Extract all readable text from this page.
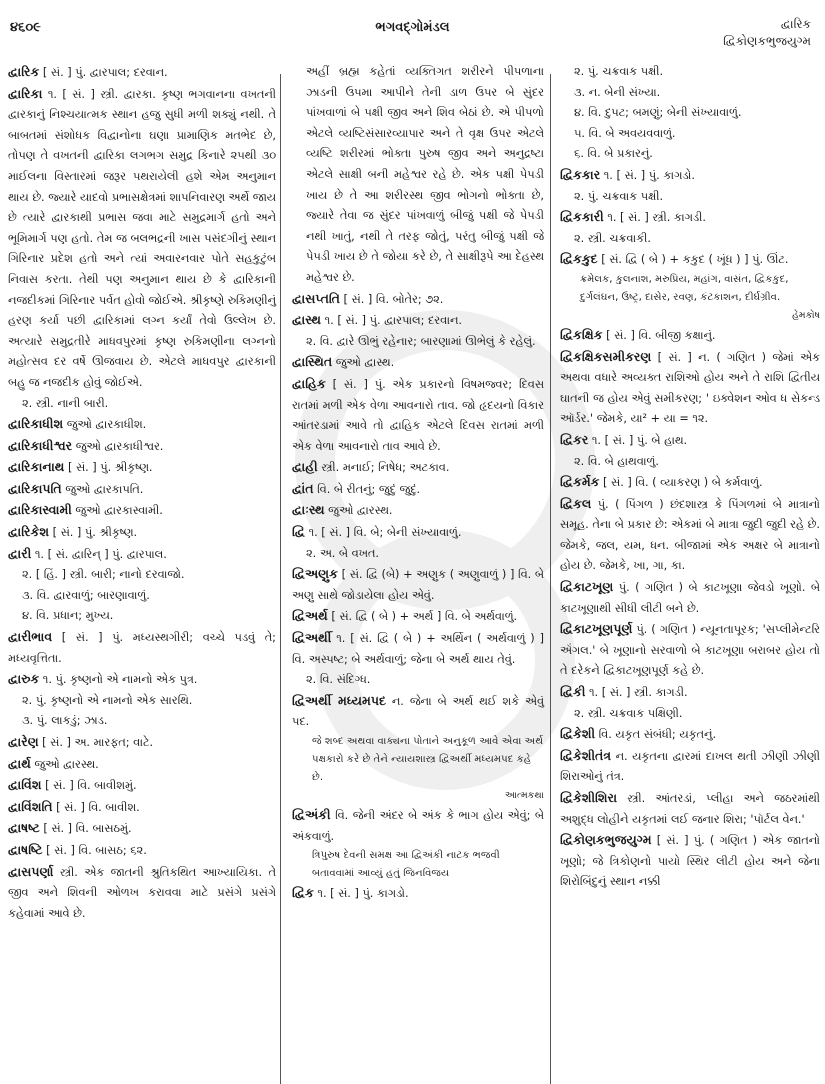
૪૬૦૯	ભગવદ્ગોમંડલ	દ્વારિક
દ્વિકોણકભુજયુગ્મ

દ્વારિક [ સં. ] પું. દ્વારપાલ; દરવાન.

દ્વારિકા ૧. [ સં. ] સ્ત્રી. દ્વારકા. કૃષ્ણ ભગવાનના વખતની દ્વારકાનું નિશ્ચયાત્મક સ્થાન હજુ સુધી મળી શક્યું નથી. તે બાબતમાં સંશોધક વિદ્વાનોના ઘણા પ્રામાણિક મતભેદ છે, તોપણ તે વખતની દ્વારિકા લગભગ સમુદ્ર કિનારે ૨૫થી ૩૦ માઈલના વિસ્તારમાં જરૂર પથરાયેલી હશે એમ અનુમાન થાય છે. જ્યારે યાદવો પ્રભાસક્ષેત્રમાં શાપનિવારણ અર્થે જાય છે ત્યારે દ્વારકાથી પ્રભાસ જવા માટે સમુદ્રમાર્ગ હતો અને ભૂમિમાર્ગ પણ હતો. તેમ જ બલભદ્રની ખાસ પસંદગીનું સ્થાન ગિરિનાર પ્રદેશ હતો અને ત્યાં અવારનવાર પોતે સહકુટુંબ નિવાસ કરતા. તેથી પણ અનુમાન થાય છે કે દ્વારિકાની નજદીકમાં ગિરિનાર પર્વત હોવો જોઈએ. શ્રીકૃષ્ણે રુકિમણીનું હરણ કર્યા પછી દ્વારિકામાં લગ્ન કર્યાં તેવો ઉલ્લેખ છે. અત્યારે સમુદ્રતીરે માધવપુરમાં કૃષ્ણ રુકિમણીના લગ્નનો મહોત્સવ દર વર્ષે ઊજવાય છે. એટલે માધવપુર દ્વારકાની બહુ જ નજદીક હોવું જોઈએ.

૨. સ્ત્રી. નાની બારી.

દ્વારિકાધીશ જુઓ દ્વારકાધીશ.

દ્વારિકાધીશ્વર જુઓ દ્વારકાધીશ્વર.

દ્વારિકાનાથ [ સં. ] પું. શ્રીકૃષ્ણ.

દ્વારિકાપતિ જુઓ દ્વારકાપતિ.

દ્વારિકાસ્વામી જુઓ દ્વારકાસ્વામી.

દ્વારિકેશ [ સં. ] પું. શ્રીકૃષ્ણ.

દ્વારી ૧. [ સં. દ્વારિન્ ] પું. દ્વારપાલ.

૨. [ હિં. ] સ્ત્રી. બારી; નાનો દરવાજો.

૩. વિ. દ્વારવાળું; બારણાવાળું.

૪. વિ. પ્રધાન; મુખ્ય.

દ્વારીભાવ [ સં. ] પું. મધ્યસ્થગીરી; વચ્ચે પડવું તે; મધ્યવૃત્તિતા.

દ્વારુક ૧. પું. કૃષ્ણનો એ નામનો એક પુત્ર.

૨. પું. કૃષ્ણનો એ નામનો એક સારથિ.

૩. પું. લાકડું; ઝાડ.

દ્વારેણ [ સં. ] અ. મારફત; વાટે.

દ્વાર્થ જુઓ દ્વારસ્થ.

દ્વાવિંશ [ સં. ] વિ. બાવીશમું.

દ્વાવિંશતિ [ સં. ] વિ. બાવીશ.

દ્વાષષ્ટ [ સં. ] વિ. બાસઠમું.

દ્વાષષ્ટિ [ સં. ] વિ. બાસઠ; ૬૨.

દ્વાસપર્ણા સ્ત્રી. એક જાતની શ્રુતિકથિત આખ્યાયિકા. તે જીવ અને શિવની ઓળખ કરાવવા માટે પ્રસંગે પ્રસંગે કહેવામાં આવે છે.

અહીં બ્રહ્મ કહેતાં વ્યક્તિગત શરીરને પીપળાના ઝાડની ઉપમા આપીને તેની ડાળ ઉપર બે સુંદર પાંખવાળાં બે પક્ષી જીવ અને શિવ બેઠાં છે. એ પીપળો એટલે વ્યષ્ટિસંસારવ્યાપાર અને તે વૃક્ષ ઉપર એટલે વ્યષ્ટિ શરીરમાં ભોક્તા પુરુષ જીવ અને અનુદ્રષ્ટા એટલે સાક્ષી બની મહેશ્વર રહે છે. એક પક્ષી પેપડી ખાય છે તે આ શરીરસ્થ જીવ ભોગનો ભોક્તા છે, જ્યારે તેવા જ સુંદર પાંખવાળું બીજું પક્ષી જે પેપડી નથી ખાતું, નથી તે તરફ જોતું, પરંતુ બીજું પક્ષી જે પેપડી ખાય છે તે જોયા કરે છે, તે સાક્ષીરૂપે આ દેહસ્થ મહેશ્વર છે.

દ્વાસપ્તતિ [ સં. ] વિ. બોતેર; ૭૨.

દ્વાસ્થ ૧. [ સં. ] પું. દ્વારપાલ; દરવાન.

૨. વિ. દ્વારે ઊભું રહેનાર; બારણામાં ઊભેલું કે રહેલું.

દ્વાસ્થિત જુઓ દ્વાસ્થ.

દ્વાહિક [ સં. ] પું. એક પ્રકારનો વિષમજ્વર; દિવસ રાતમાં મળી એક વેળા આવનારો તાવ. જો હૃદયનો વિકાર આંતરડામાં આવે તો દ્વાહિક એટલે દિવસ રાતમાં મળી એક વેળા આવનારો તાવ આવે છે.

દ્વાહી સ્ત્રી. મનાઈ; નિષેધ; અટકાવ.

દ્વાંત વિ. બે રીતનું; જુદું જુદું.

દ્વાઃસ્થ જુઓ દ્વારસ્થ.

દ્વિ ૧. [ સં. ] વિ. બે; બેની સંખ્યાવાળું.

૨. અ. બે વખત.

દ્વિઅણુક [ સં. દ્વિ (બે) + અણુક ( અણુવાળું ) ] વિ. બે અણુ સાથે જોડાયેલા હોય એવું.

દ્વિઅર્થ [ સં. દ્વિ ( બે ) + અર્થ ] વિ. બે અર્થવાળું.

દ્વિઅર્થી ૧. [ સં. દ્વિ ( બે ) + અર્થિન ( અર્થવાળું ) ] વિ. અસ્પષ્ટ; બે અર્થવાળું; જેના બે અર્થ થાય તેવું.

૨. વિ. સંદિગ્ધ.

દ્વિઅર્થી મધ્યમપદ ન. જેના બે અર્થ થઈ શકે એવું પદ.

જે શબ્દ અથવા વાક્યના પોતાને અનુકૂળ આવે એવા અર્થ પક્ષકારો કરે છે તેને ન્યાયશાસ્ત્ર દ્વિઅર્થી મધ્યમપદ કહે છે.

આત્મકથા

દ્વિઅંકી વિ. જેની અંદર બે અંક કે ભાગ હોય એવું; બે અંકવાળું.

ત્રિપુરુષ દેવની સમક્ષ આ દ્વિઅંકી નાટક ભજવી બતાવવામાં આવ્યું હતું જિનવિજય

દ્વિક ૧. [ સં. ] પું. કાગડો.

૨. પું. ચક્રવાક પક્ષી.

૩. ન. બેની સંખ્યા.

૪. વિ. દુપટ; બમણું; બેની સંખ્યાવાળું.

૫. વિ. બે અવયવવાળું.

૬. વિ. બે પ્રકારનું.

દ્વિકકાર ૧. [ સં. ] પું. કાગડો.

૨. પું. ચક્રવાક પક્ષી.

દ્વિકકારી ૧. [ સં. ] સ્ત્રી. કાગડી.

૨. સ્ત્રી. ચક્રવાકી.

દ્વિકકુદ [ સં. દ્વિ ( બે ) + કકુદ ( ખૂંધ ) ] પું. ઊંટ.

ક્રમેલક, કુલનાશ, મરુપ્રિય, મહાંગ, વાસંત, દ્વિકકુદ, દુર્ગલંઘન, ઉષ્ટ્ર, દાસેર, રવણ, કંટકાશન, દીર્ઘગ્રીવ.

હેમકોષ

દ્વિકક્ષિક [ સં. ] વિ. બીજી કક્ષાનું.

દ્વિકક્ષિકસમીકરણ [ સં. ] ન. ( ગણિત ) જેમાં એક અથવા વધારે અવ્યક્ત રાશિઓ હોય અને તે રાશિ દ્વિતીય ઘાતની જ હોય એવું સમીકરણ; ' ઇક્વેશન ઓવ ધ સેકન્ડ ઑર્ડર.' જેમકે, યા² + યા = ૧૨.

દ્વિકર ૧. [ સં. ] પું. બે હાથ.

૨. વિ. બે હાથવાળું.

દ્વિકર્મક [ સં. ] વિ. ( વ્યાકરણ ) બે કર્મવાળું.

દ્વિકલ પું. ( પિંગળ ) છંદશાસ્ત્ર કે પિંગળમાં બે માત્રાનો સમૂહ. તેના બે પ્રકાર છે: એકમાં બે માત્રા જુદી જુદી રહે છે. જેમકે, જલ, યમ, ધન. બીજામાં એક અક્ષર બે માત્રાનો હોય છે. જેમકે, ખા, ગા, કા.

દ્વિકાટખૂણ પું. ( ગણિત ) બે કાટખૂણા જેવડો ખૂણો. બે કાટખૂણાથી સીધી લીટી બને છે.

દ્વિકાટખૂણપૂર્ણ પું. ( ગણિત ) ન્યૂનતાપૂરક; 'સપ્લીમેન્ટરિ ઍંગલ.' બે ખૂણાનો સરવાળો બે કાટખૂણા બરાબર હોય તો તે દરેકને દ્વિકાટખૂણપૂર્ણ કહે છે.

દ્વિકી ૧. [ સં. ] સ્ત્રી. કાગડી.

૨. સ્ત્રી. ચક્રવાક પક્ષિણી.

દ્વિકેશી વિ. યકૃત સંબંધી; યકૃતનું.

દ્વિકેશીતંત્ર ન. યકૃતના દ્વારમાં દાખલ થતી ઝીણી ઝીણી શિરાઓનું તંત્ર.

દ્વિકેશીશિરા સ્ત્રી. આંતરડાં, પ્લીહા અને જઠરમાંથી અશુદ્ધ લોહીને યકૃતમાં લઈ જનાર શિરા; 'પૉર્ટલ વેન.'

દ્વિકોણકભુજયુગ્મ [ સં. ] પું. ( ગણિત ) એક જાતનો ખૂણો; જે ત્રિકોણનો પાયો સ્થિર લીટી હોય અને જેના શિરોબિંદુનું સ્થાન નક્કી
